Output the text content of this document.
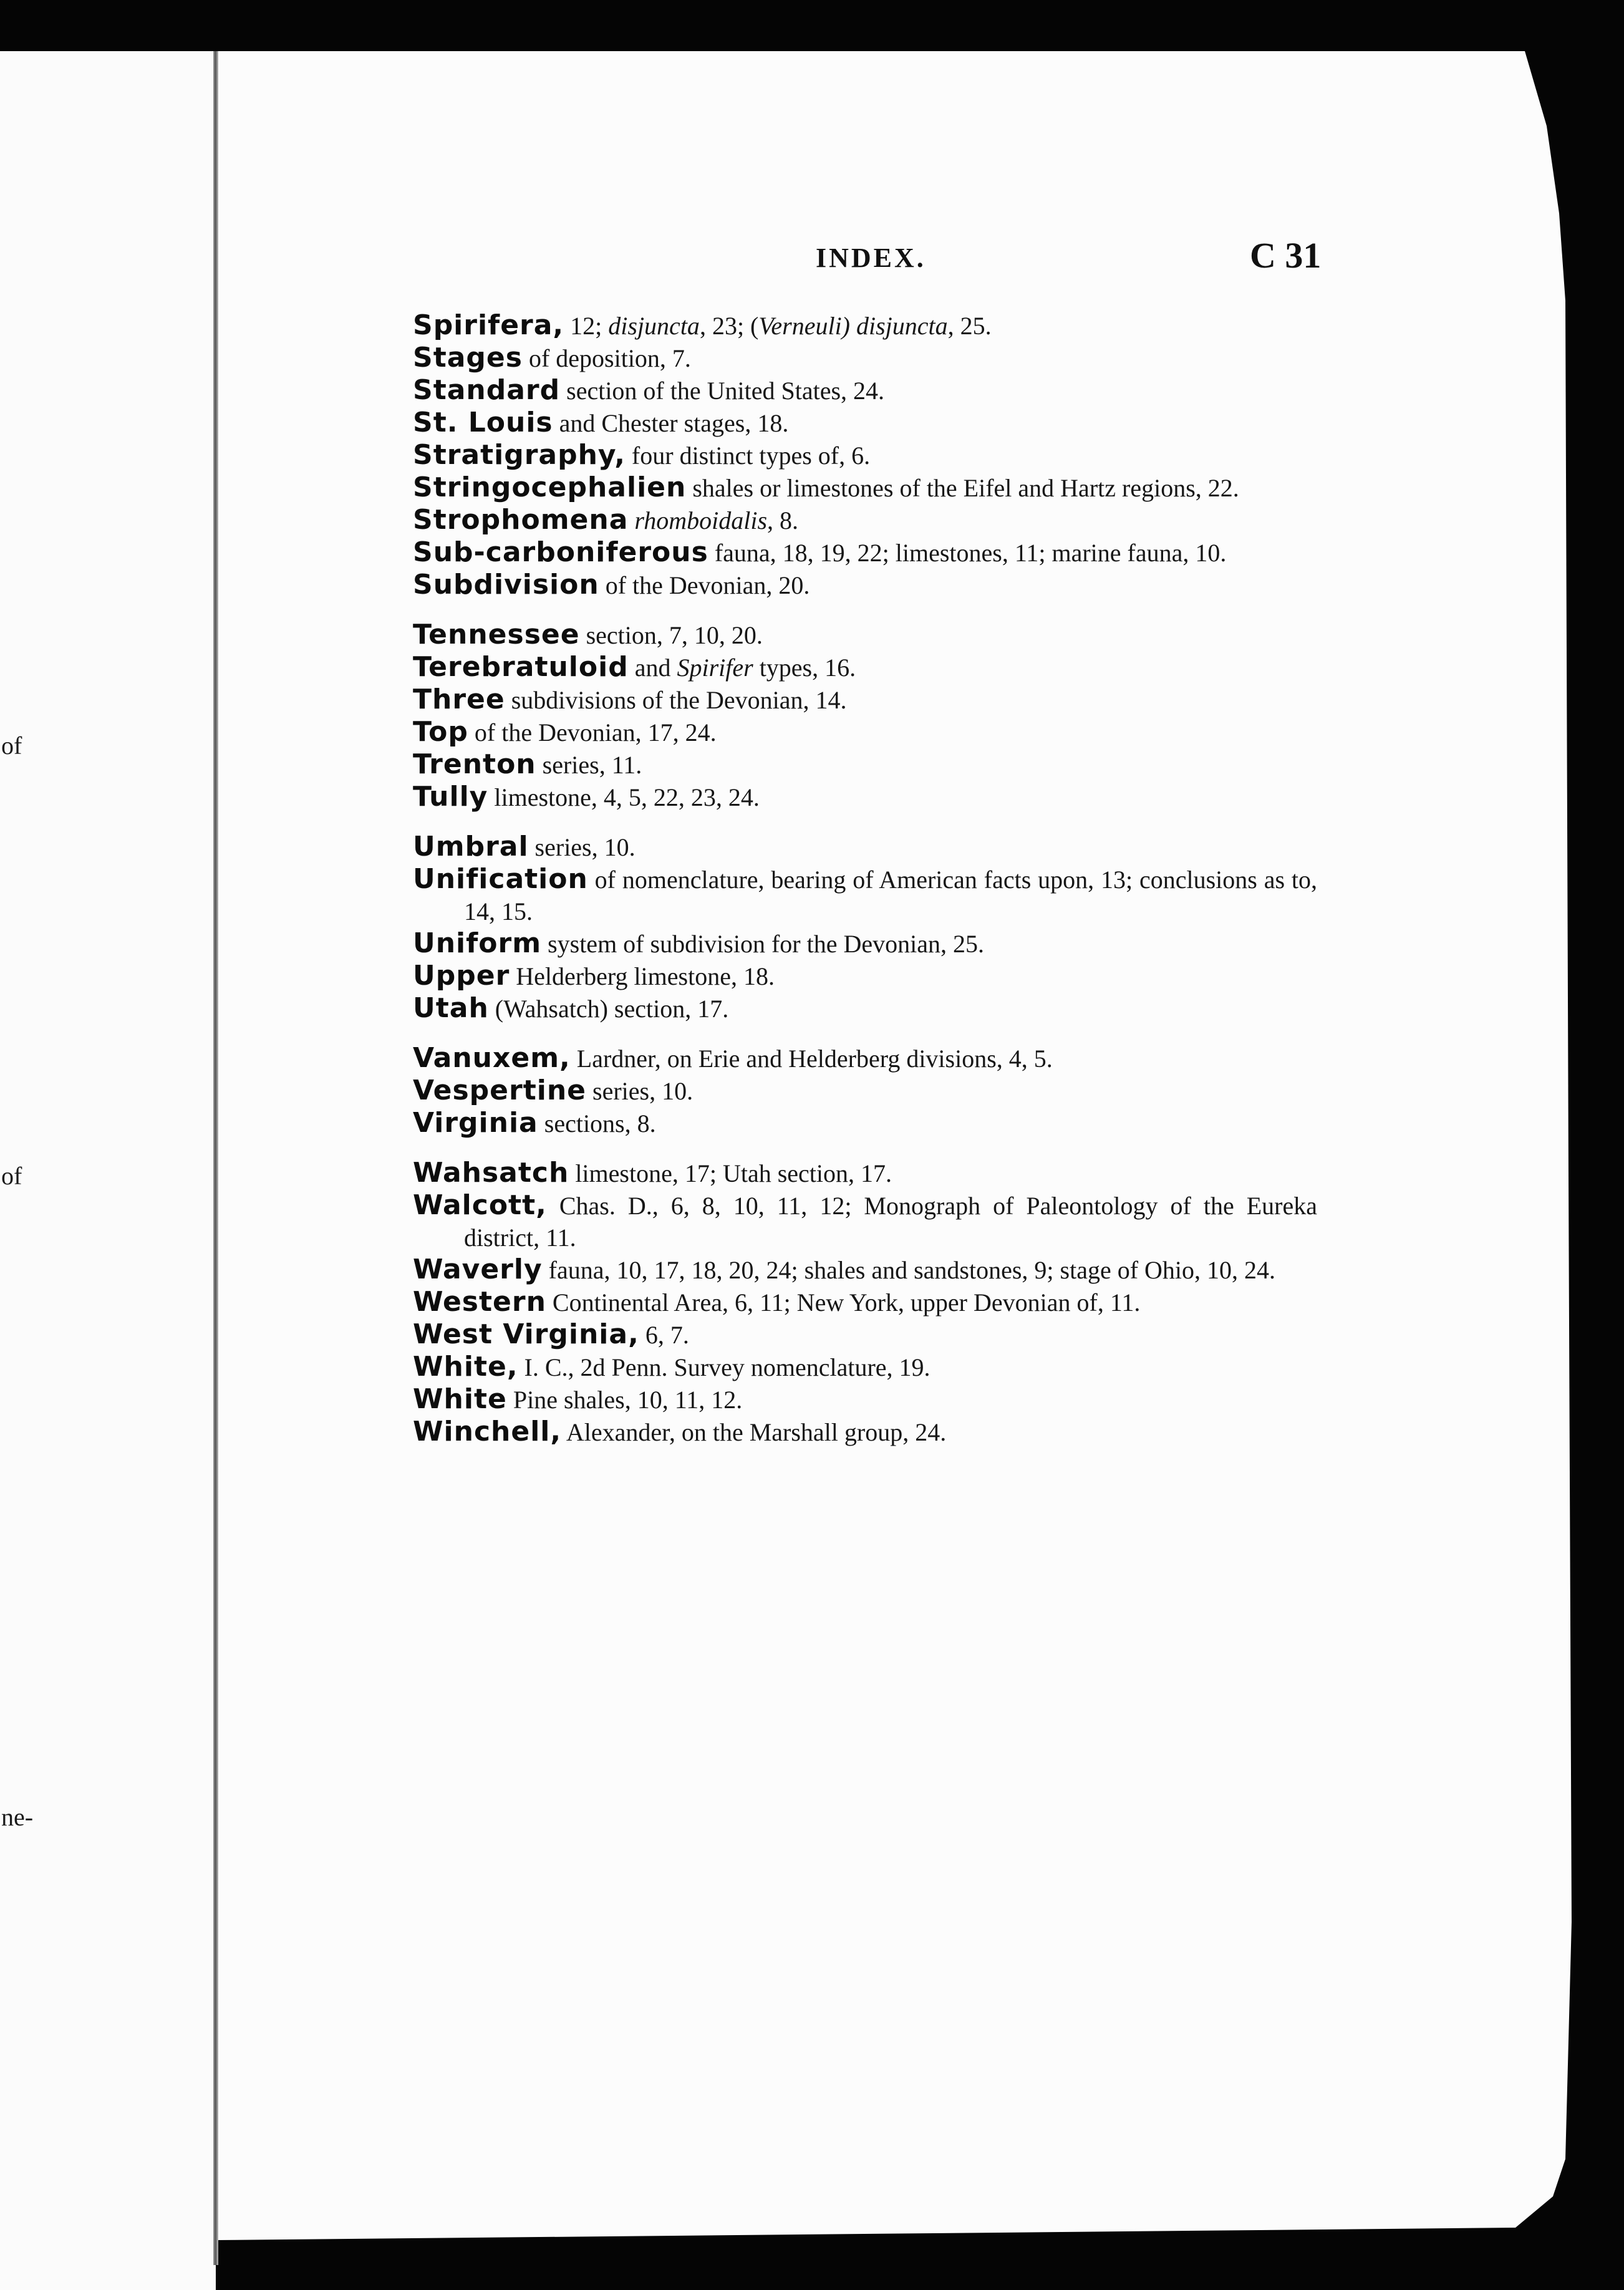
of
of
ne-
INDEX.	C 31

Spirifera, 12; disjuncta, 23; (Verneuli) disjuncta, 25.

Stages of deposition, 7.

Standard section of the United States, 24.

St. Louis and Chester stages, 18.

Stratigraphy, four distinct types of, 6.

Stringocephalien shales or limestones of the Eifel and Hartz regions, 22.

Strophomena rhomboidalis, 8.

Sub-carboniferous fauna, 18, 19, 22; limestones, 11; marine fauna, 10.

Subdivision of the Devonian, 20.

Tennessee section, 7, 10, 20.

Terebratuloid and Spirifer types, 16.

Three subdivisions of the Devonian, 14.

Top of the Devonian, 17, 24.

Trenton series, 11.

Tully limestone, 4, 5, 22, 23, 24.

Umbral series, 10.

Unification of nomenclature, bearing of American facts upon, 13; conclusions as to, 14, 15.

Uniform system of subdivision for the Devonian, 25.

Upper Helderberg limestone, 18.

Utah (Wahsatch) section, 17.

Vanuxem, Lardner, on Erie and Helderberg divisions, 4, 5.

Vespertine series, 10.

Virginia sections, 8.

Wahsatch limestone, 17; Utah section, 17.

Walcott, Chas. D., 6, 8, 10, 11, 12; Monograph of Paleontology of the Eureka district, 11.

Waverly fauna, 10, 17, 18, 20, 24; shales and sandstones, 9; stage of Ohio, 10, 24.

Western Continental Area, 6, 11; New York, upper Devonian of, 11.

West Virginia, 6, 7.

White, I. C., 2d Penn. Survey nomenclature, 19.

White Pine shales, 10, 11, 12.

Winchell, Alexander, on the Marshall group, 24.
